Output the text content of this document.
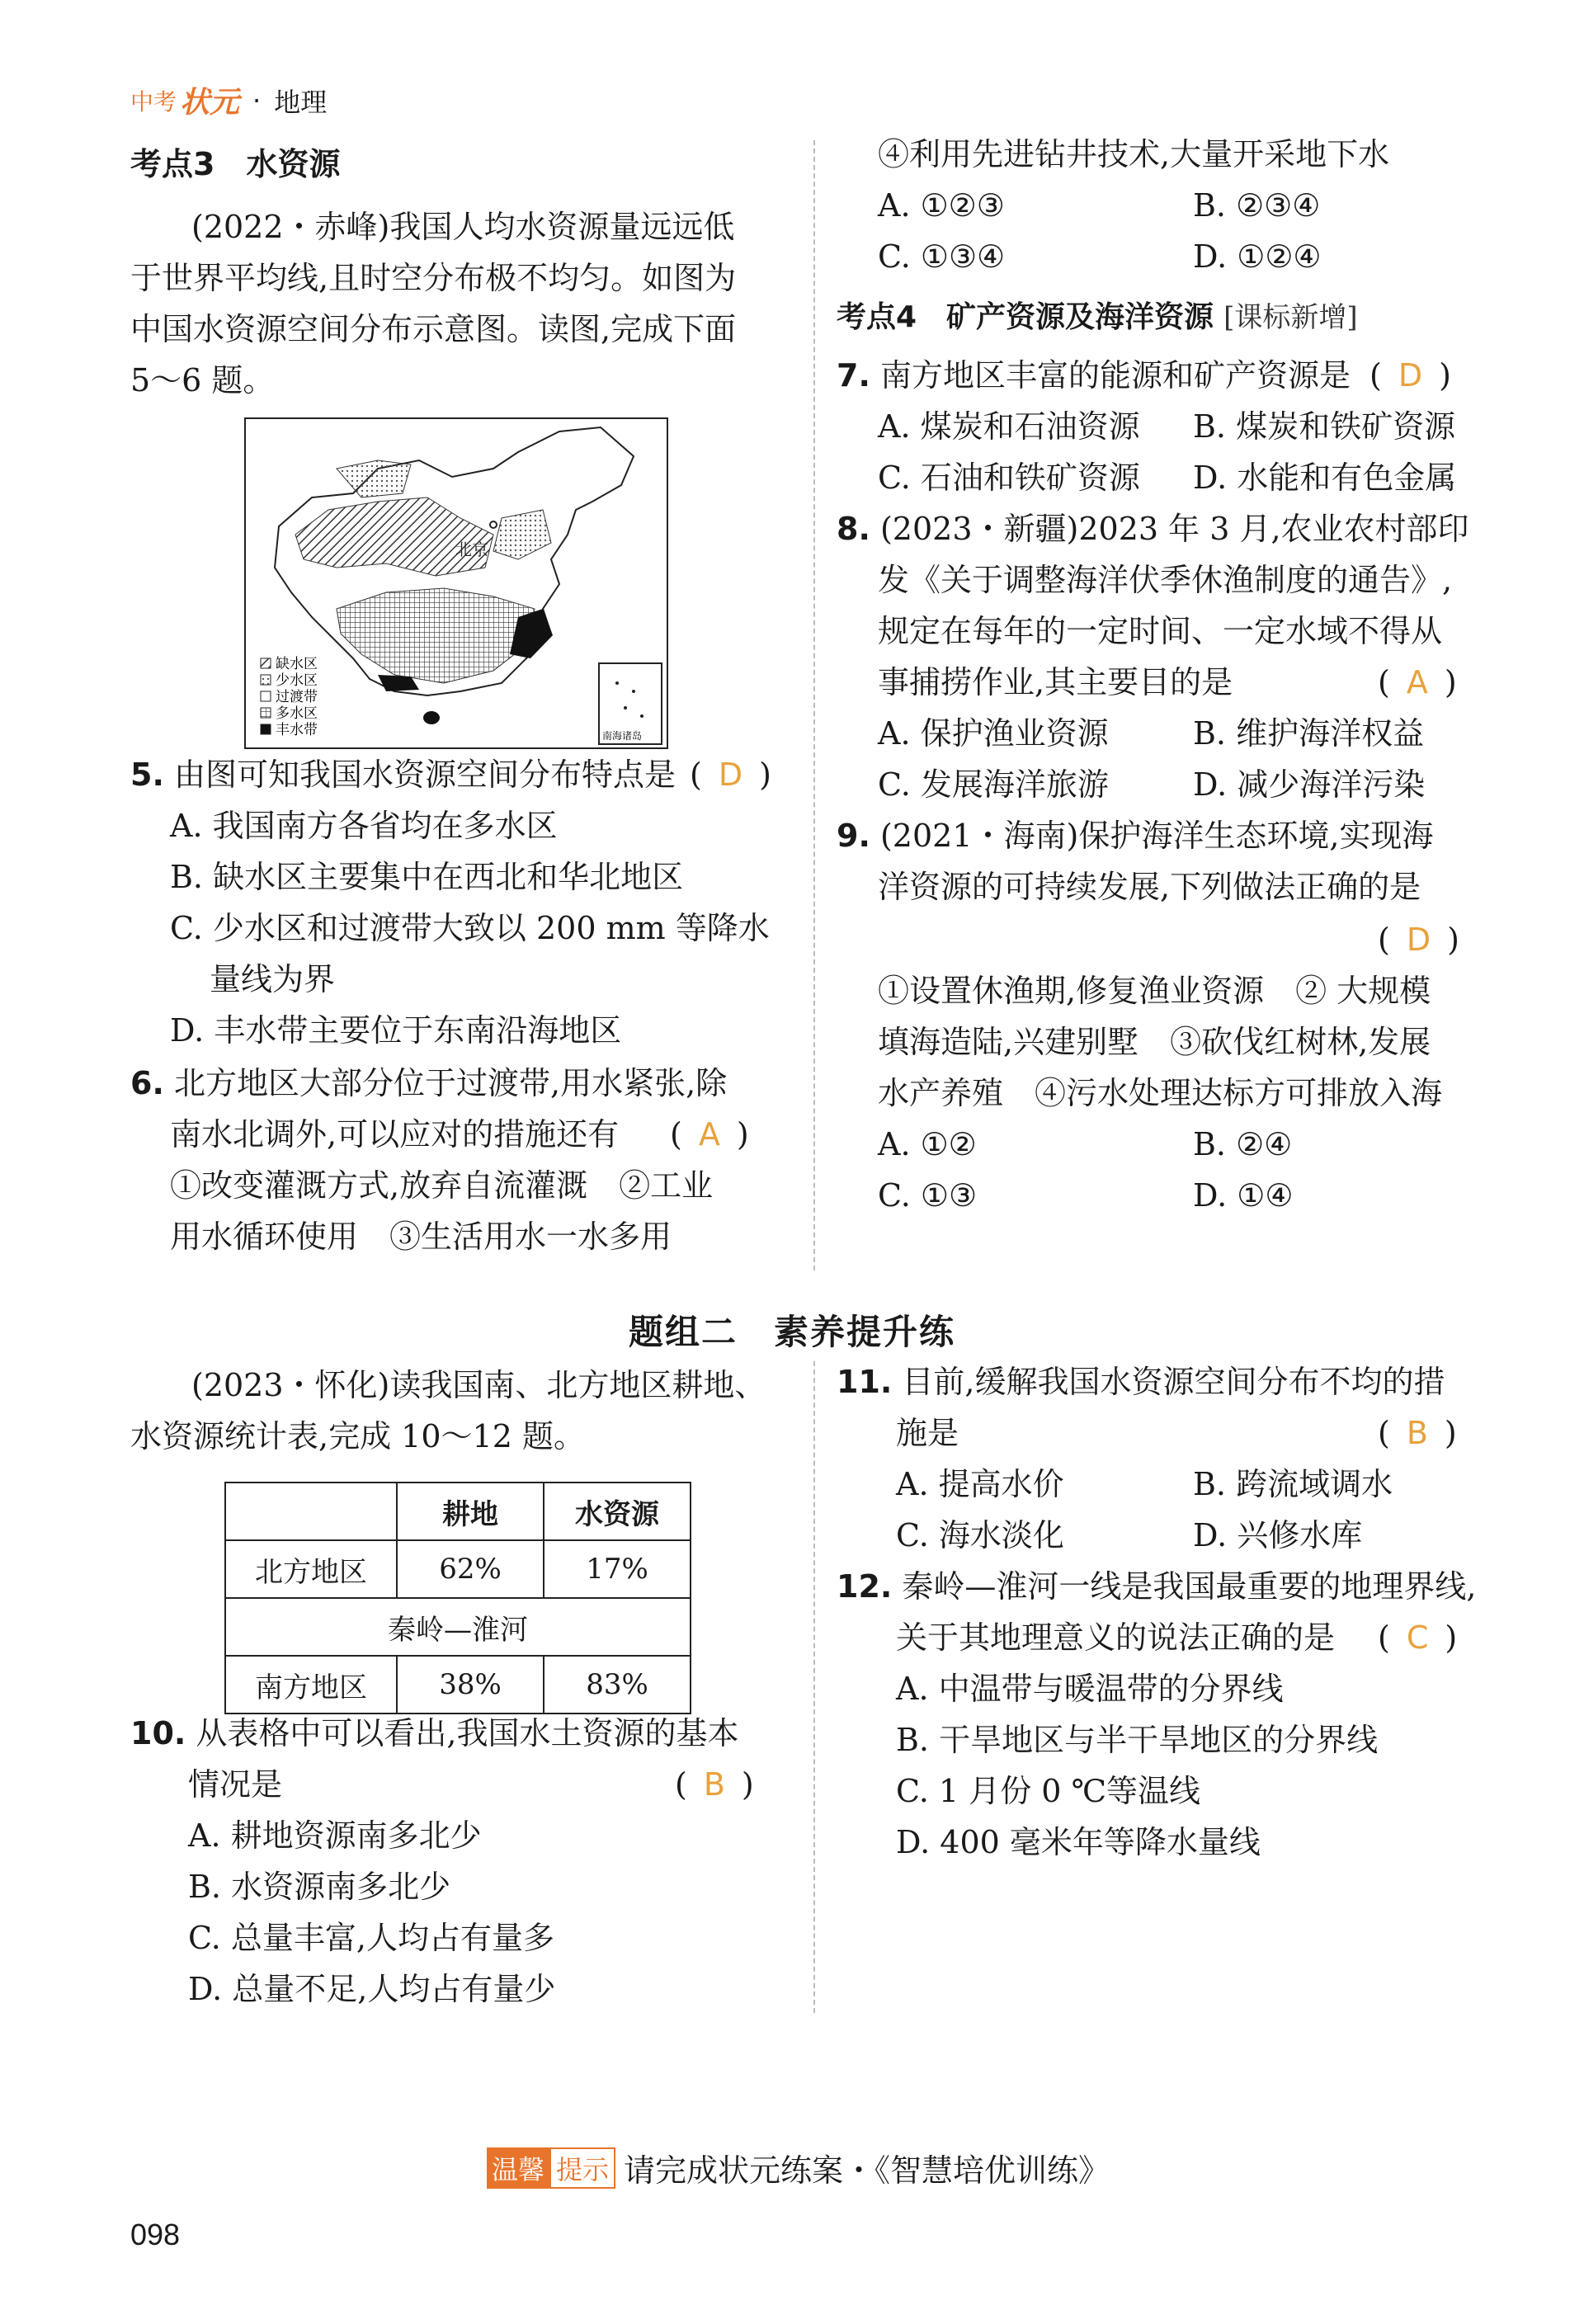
中考 状元 · 地理
考点3　水资源
(2022・赤峰)我国人均水资源量远远低
于世界平均线,且时空分布极不均匀。如图为
中国水资源空间分布示意图。读图,完成下面
5～6 题。
北京
缺水区
少水区
过渡带
多水区
丰水带	南海诸岛
5. 由图可知我国水资源空间分布特点是 ( D )
A. 我国南方各省均在多水区
B. 缺水区主要集中在西北和华北地区
C. 少水区和过渡带大致以 200 mm 等降水
量线为界
D. 丰水带主要位于东南沿海地区
6. 北方地区大部分位于过渡带,用水紧张,除
南水北调外,可以应对的措施还有 ( A )
①改变灌溉方式,放弃自流灌溉　②工业
用水循环使用　③生活用水一水多用
④利用先进钻井技术,大量开采地下水
A. ①②③	B. ②③④
C. ①③④	D. ①②④
考点4　矿产资源及海洋资源 [课标新增]
7. 南方地区丰富的能源和矿产资源是 ( D )
A. 煤炭和石油资源 B. 煤炭和铁矿资源
C. 石油和铁矿资源 D. 水能和有色金属
8. (2023・新疆)2023 年 3 月,农业农村部印
发《关于调整海洋伏季休渔制度的通告》,
规定在每年的一定时间、一定水域不得从
事捕捞作业,其主要目的是	( A )
A. 保护渔业资源	B. 维护海洋权益
C. 发展海洋旅游	D. 减少海洋污染
9. (2021・海南)保护海洋生态环境,实现海
洋资源的可持续发展,下列做法正确的是
( D )
①设置休渔期,修复渔业资源　② 大规模
填海造陆,兴建别墅　③砍伐红树林,发展
水产养殖　④污水处理达标方可排放入海
A. ①②	B. ②④
C. ①③	D. ①④
题组二　素养提升练
(2023・怀化)读我国南、北方地区耕地、
水资源统计表,完成 10～12 题。
	耕地	水资源
北方地区	62%	17%
秦岭—淮河		
南方地区	38%	83%
10. 从表格中可以看出,我国水土资源的基本
情况是	( B )
A. 耕地资源南多北少
B. 水资源南多北少
C. 总量丰富,人均占有量多
D. 总量不足,人均占有量少
11. 目前,缓解我国水资源空间分布不均的措
施是	( B )
A. 提高水价	B. 跨流域调水
C. 海水淡化	D. 兴修水库
12. 秦岭—淮河一线是我国最重要的地理界线,
关于其地理意义的说法正确的是 ( C )
A. 中温带与暖温带的分界线
B. 干旱地区与半干旱地区的分界线
C. 1 月份 0 ℃等温线
D. 400 毫米年等降水量线
温馨 提示 请完成状元练案・《智慧培优训练》
098
